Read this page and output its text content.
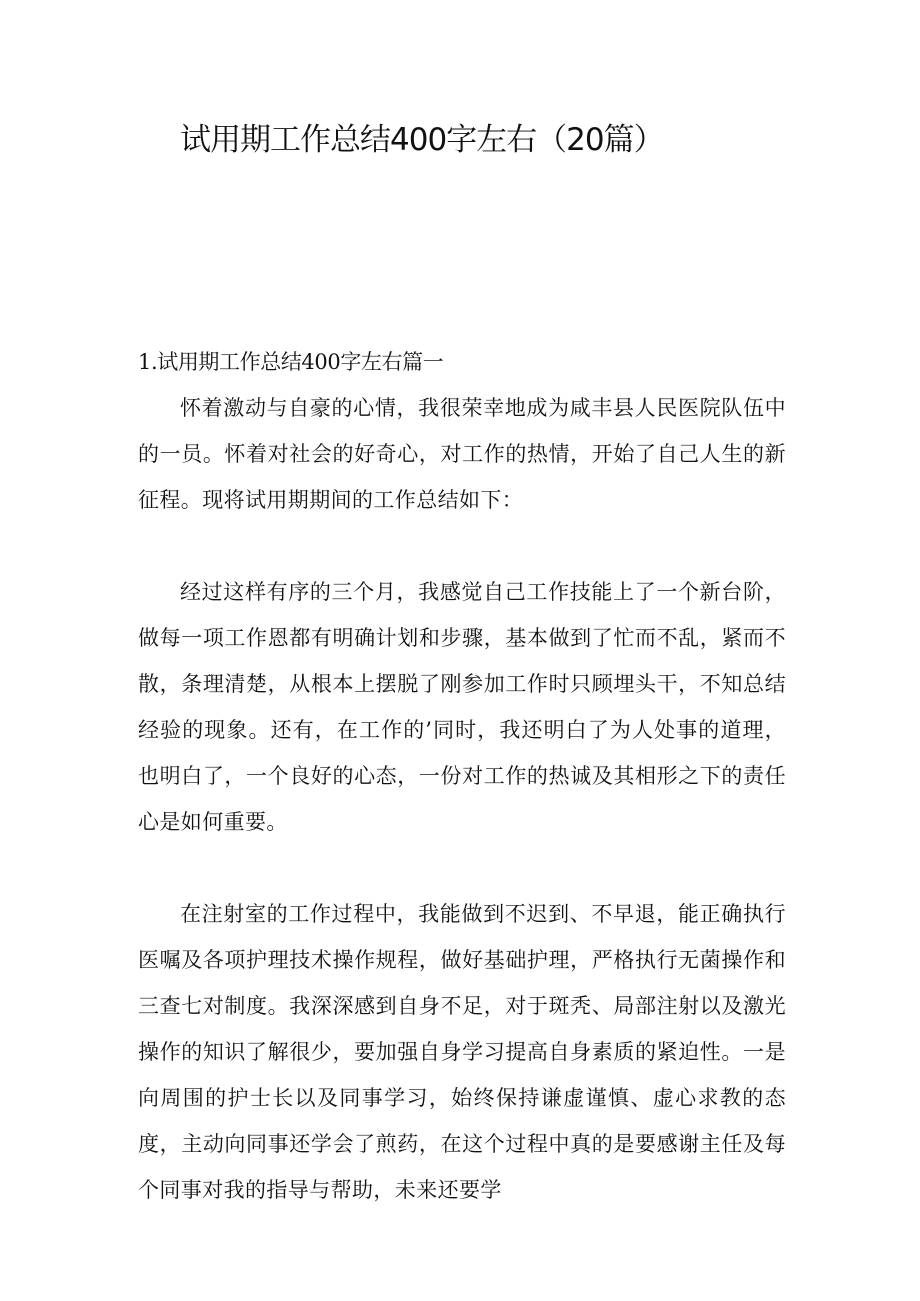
试用期工作总结400字左右（20篇）

1.试用期工作总结400字左右篇一

怀着激动与自豪的心情，我很荣幸地成为咸丰县人民医院队伍中的一员。怀着对社会的好奇心，对工作的热情，开始了自己人生的新征程。现将试用期期间的工作总结如下：

经过这样有序的三个月，我感觉自己工作技能上了一个新台阶，做每一项工作恩都有明确计划和步骤，基本做到了忙而不乱，紧而不散，条理清楚，从根本上摆脱了刚参加工作时只顾埋头干，不知总结经验的现象。还有，在工作的’同时，我还明白了为人处事的道理，也明白了，一个良好的心态，一份对工作的热诚及其相形之下的责任心是如何重要。

在注射室的工作过程中，我能做到不迟到、不早退，能正确执行医嘱及各项护理技术操作规程，做好基础护理，严格执行无菌操作和三查七对制度。我深深感到自身不足，对于斑秃、局部注射以及激光操作的知识了解很少，要加强自身学习提高自身素质的紧迫性。一是向周围的护士长以及同事学习，始终保持谦虚谨慎、虚心求教的态度，主动向同事还学会了煎药，在这个过程中真的是要感谢主任及每个同事对我的指导与帮助，未来还要学
